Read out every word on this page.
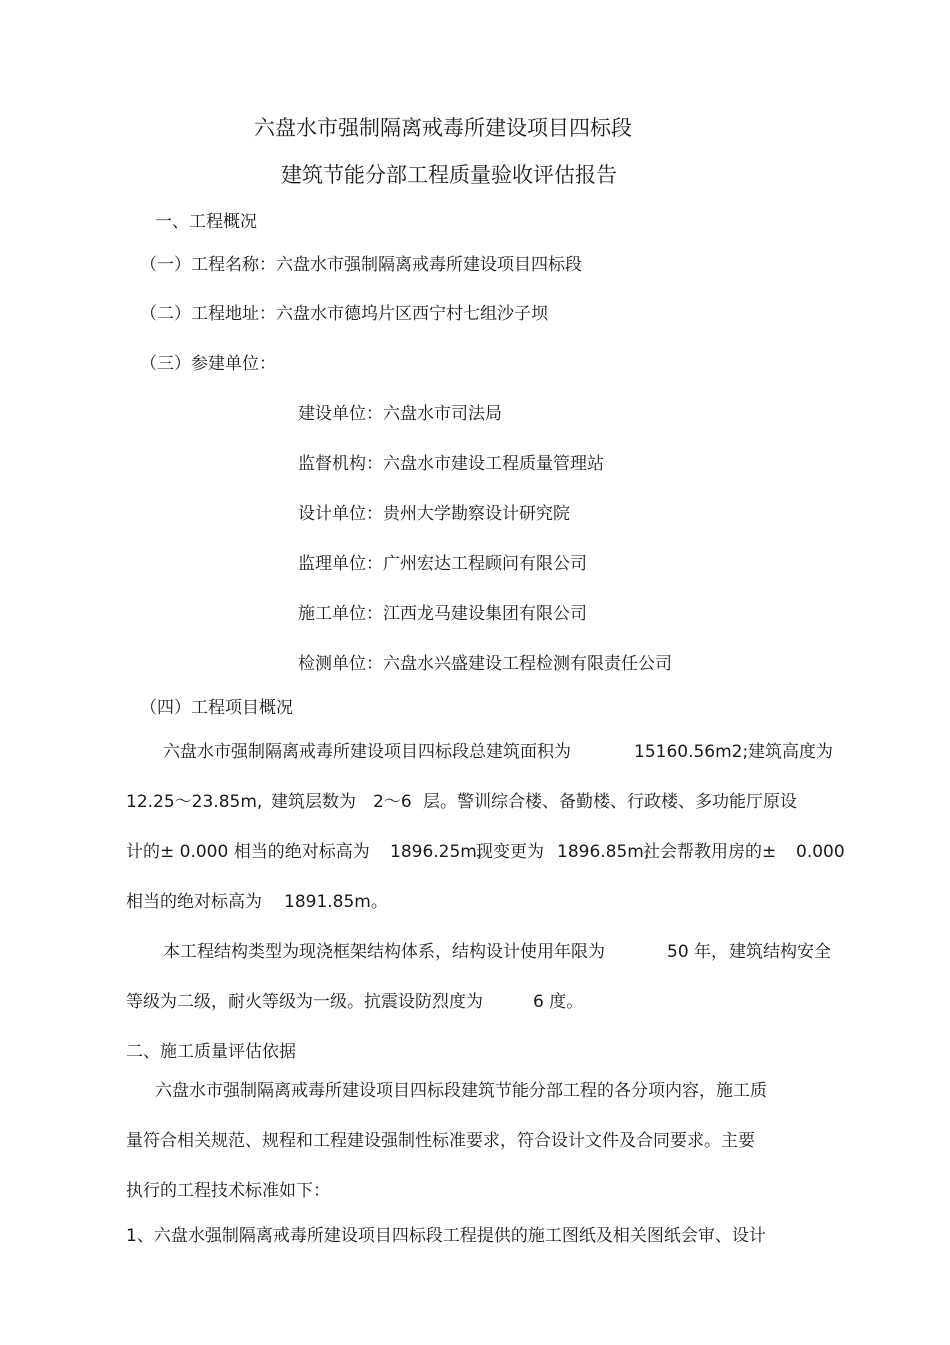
六盘水市强制隔离戒毒所建设项目四标段
建筑节能分部工程质量验收评估报告
一、工程概况
（一）工程名称：六盘水市强制隔离戒毒所建设项目四标段
（二）工程地址：六盘水市德坞片区西宁村七组沙子坝
（三）参建单位：
建设单位：六盘水市司法局
监督机构：六盘水市建设工程质量管理站
设计单位：贵州大学勘察设计研究院
监理单位：广州宏达工程顾问有限公司
施工单位：江西龙马建设集团有限公司
检测单位：六盘水兴盛建设工程检测有限责任公司
（四）工程项目概况
六盘水市强制隔离戒毒所建设项目四标段总建筑面积为	15160.56m2; 建筑高度为
12.25～23.85m, 建筑层数为 2～6 层。警训综合楼、备勤楼、行政楼、多功能厅原设
计的± 0.000 相当的绝对标高为 1896.25m,
现变更为 1896.85m,
社会帮教用房的± 0.000
相当的绝对标高为 1891.85m。
本工程结构类型为现浇框架结构体系，结构设计使用年限为	50 年， 建筑结构安全
等级为二级，耐火等级为一级。抗震设防烈度为	6 度。
二、施工质量评估依据
六盘水市强制隔离戒毒所建设项目四标段建筑节能分部工程的各分项内容，施工质
量符合相关规范、规程和工程建设强制性标准要求，符合设计文件及合同要求。主要
执行的工程技术标准如下：
1、六盘水强制隔离戒毒所建设项目四标段工程提供的施工图纸及相关图纸会审、设计
